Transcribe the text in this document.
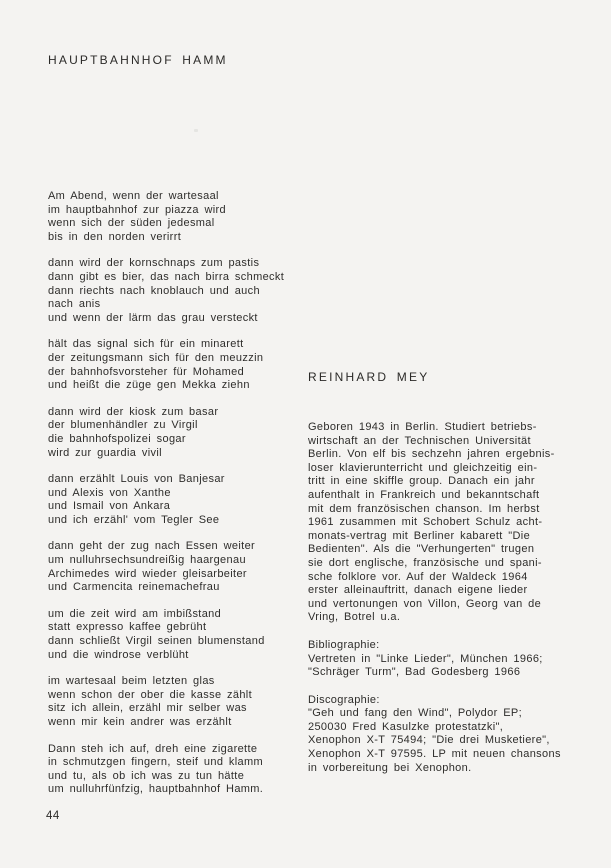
HAUPTBAHNHOF HAMM
Am Abend, wenn der wartesaal
im hauptbahnhof zur piazza wird
wenn sich der süden jedesmal
bis in den norden verirrt
dann wird der kornschnaps zum pastis
dann gibt es bier, das nach birra schmeckt
dann riechts nach knoblauch und auch
nach anis
und wenn der lärm das grau versteckt
hält das signal sich für ein minarett
der zeitungsmann sich für den meuzzin
der bahnhofsvorsteher für Mohamed
und heißt die züge gen Mekka ziehn
dann wird der kiosk zum basar
der blumenhändler zu Virgil
die bahnhofspolizei sogar
wird zur guardia vivil
dann erzählt Louis von Banjesar
und Alexis von Xanthe
und Ismail von Ankara
und ich erzähl' vom Tegler See
dann geht der zug nach Essen weiter
um nulluhrsechsundreißig haargenau
Archimedes wird wieder gleisarbeiter
und Carmencita reinemachefrau
um die zeit wird am imbißstand
statt expresso kaffee gebrüht
dann schließt Virgil seinen blumenstand
und die windrose verblüht
im wartesaal beim letzten glas
wenn schon der ober die kasse zählt
sitz ich allein, erzähl mir selber was
wenn mir kein andrer was erzählt
Dann steh ich auf, dreh eine zigarette
in schmutzgen fingern, steif und klamm
und tu, als ob ich was zu tun hätte
um nulluhrfünfzig, hauptbahnhof Hamm.
REINHARD MEY
Geboren 1943 in Berlin. Studiert betriebs-
wirtschaft an der Technischen Universität
Berlin. Von elf bis sechzehn jahren ergebnis-
loser klavierunterricht und gleichzeitig ein-
tritt in eine skiffle group. Danach ein jahr
aufenthalt in Frankreich und bekanntschaft
mit dem französischen chanson. Im herbst
1961 zusammen mit Schobert Schulz acht-
monats-vertrag mit Berliner kabarett "Die
Bedienten". Als die "Verhungerten" trugen
sie dort englische, französische und spani-
sche folklore vor. Auf der Waldeck 1964
erster alleinauftritt, danach eigene lieder
und vertonungen von Villon, Georg van de
Vring, Botrel u.a.
Bibliographie:
Vertreten in "Linke Lieder", München 1966;
"Schräger Turm", Bad Godesberg 1966
Discographie:
"Geh und fang den Wind", Polydor EP;
250030 Fred Kasulzke protestatzki",
Xenophon X-T 75494; "Die drei Musketiere",
Xenophon X-T 97595. LP mit neuen chansons
in vorbereitung bei Xenophon.
44
